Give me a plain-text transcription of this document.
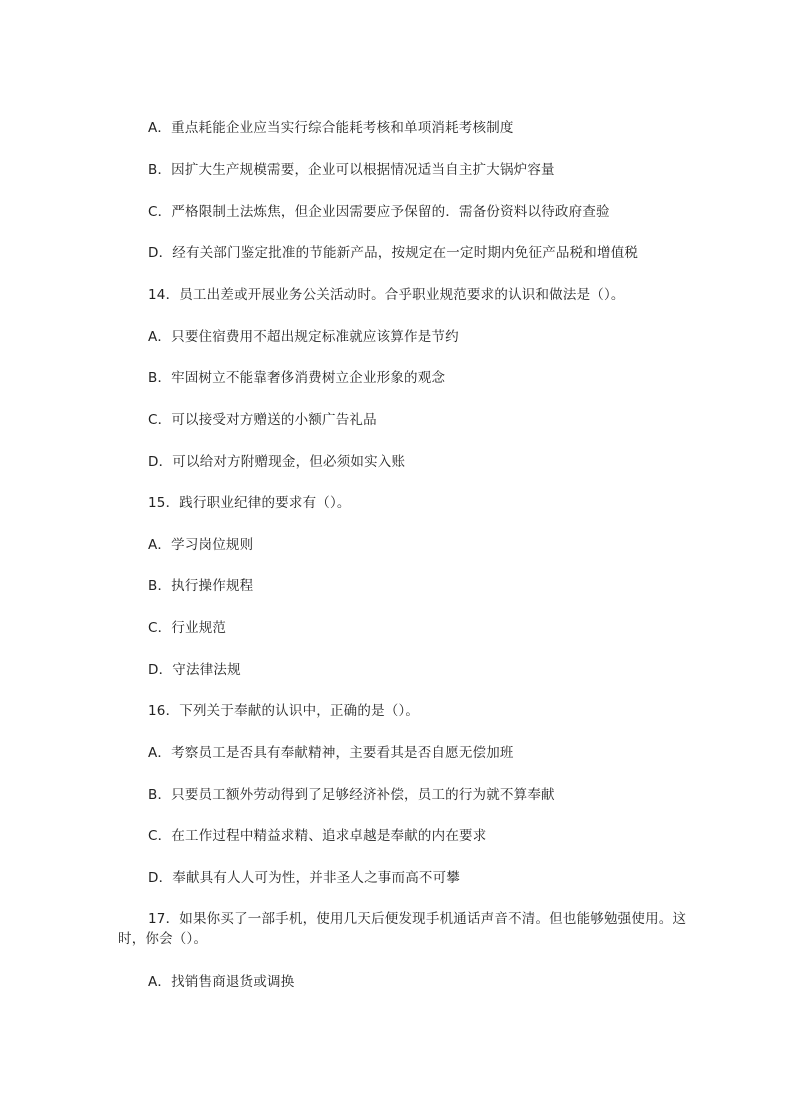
A．重点耗能企业应当实行综合能耗考核和单项消耗考核制度
B．因扩大生产规模需要，企业可以根据情况适当自主扩大锅炉容量
C．严格限制土法炼焦，但企业因需要应予保留的．需备份资料以待政府查验
D．经有关部门鉴定批准的节能新产品，按规定在一定时期内免征产品税和增值税
14．员工出差或开展业务公关活动时。合乎职业规范要求的认识和做法是（）。
A．只要住宿费用不超出规定标准就应该算作是节约
B．牢固树立不能靠奢侈消费树立企业形象的观念
C．可以接受对方赠送的小额广告礼品
D．可以给对方附赠现金，但必须如实入账
15．践行职业纪律的要求有（）。
A．学习岗位规则
B．执行操作规程
C．行业规范
D．守法律法规
16．下列关于奉献的认识中，正确的是（）。
A．考察员工是否具有奉献精神，主要看其是否自愿无偿加班
B．只要员工额外劳动得到了足够经济补偿，员工的行为就不算奉献
C．在工作过程中精益求精、追求卓越是奉献的内在要求
D．奉献具有人人可为性，并非圣人之事而高不可攀
17．如果你买了一部手机，使用几天后便发现手机通话声音不清。但也能够勉强使用。这时，你会（）。
A．找销售商退货或调换
